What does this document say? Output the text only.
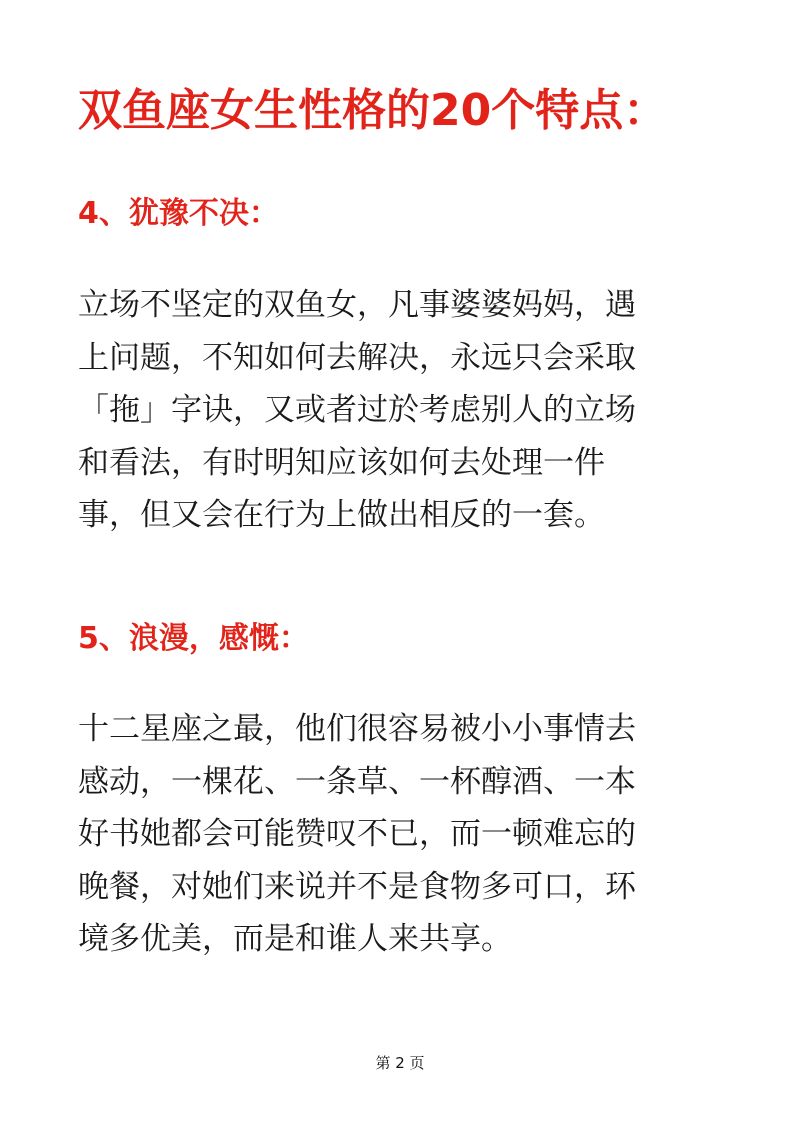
双鱼座女生性格的20个特点：
4、犹豫不决：
立场不坚定的双鱼女，凡事婆婆妈妈，遇
上问题，不知如何去解决，永远只会采取
「拖」字诀，又或者过於考虑别人的立场
和看法，有时明知应该如何去处理一件
事，但又会在行为上做出相反的一套。
5、浪漫，感慨：
十二星座之最，他们很容易被小小事情去
感动，一棵花、一条草、一杯醇酒、一本
好书她都会可能赞叹不已，而一顿难忘的
晚餐，对她们来说并不是食物多可口，环
境多优美，而是和谁人来共享。
第 2 页
